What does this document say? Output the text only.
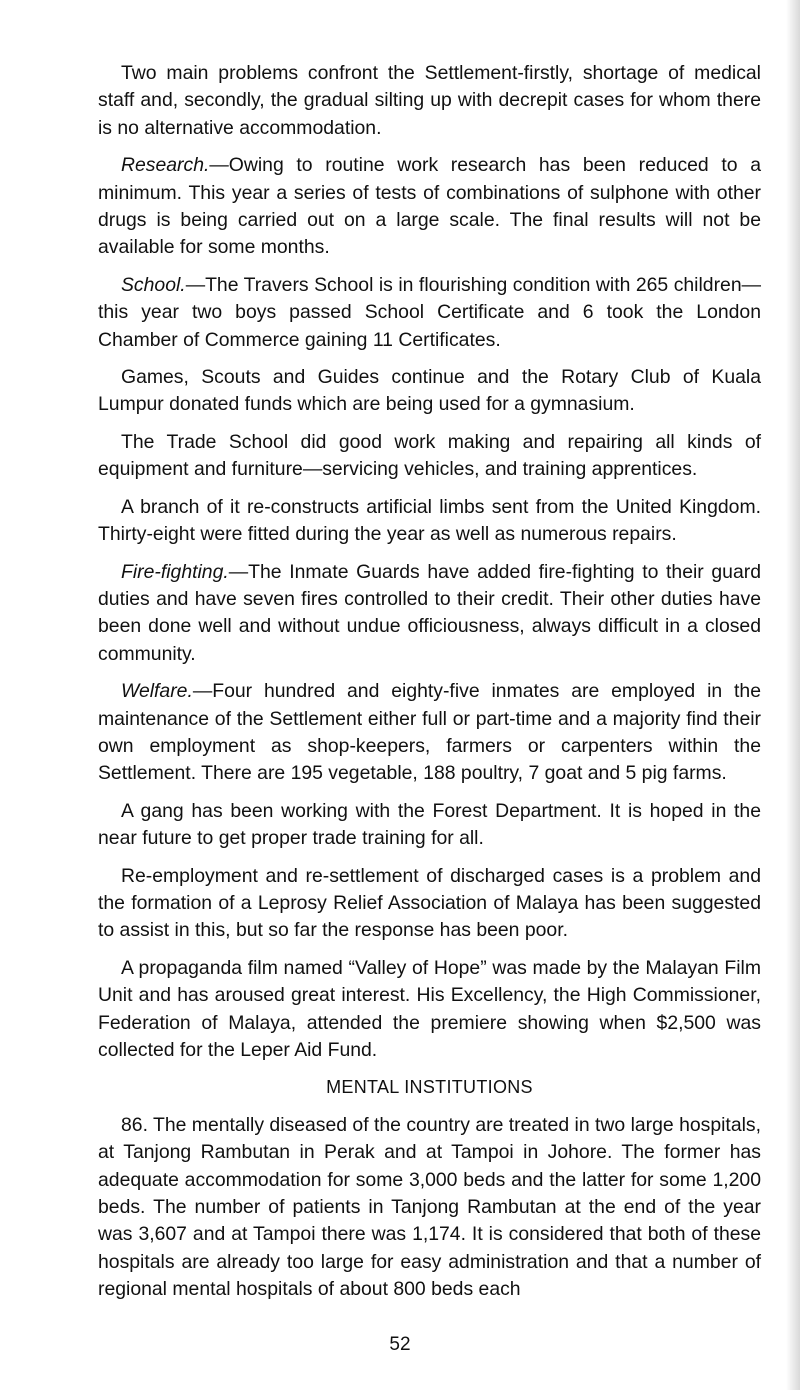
Two main problems confront the Settlement-firstly, shortage of medical staff and, secondly, the gradual silting up with decrepit cases for whom there is no alternative accommodation.

Research.—Owing to routine work research has been reduced to a minimum. This year a series of tests of combinations of sulphone with other drugs is being carried out on a large scale. The final results will not be available for some months.

School.—The Travers School is in flourishing condition with 265 children—this year two boys passed School Certificate and 6 took the London Chamber of Commerce gaining 11 Certificates.

Games, Scouts and Guides continue and the Rotary Club of Kuala Lumpur donated funds which are being used for a gymnasium.

The Trade School did good work making and repairing all kinds of equipment and furniture—servicing vehicles, and training apprentices.

A branch of it re-constructs artificial limbs sent from the United Kingdom. Thirty-eight were fitted during the year as well as numerous repairs.

Fire-fighting.—The Inmate Guards have added fire-fighting to their guard duties and have seven fires controlled to their credit. Their other duties have been done well and without undue officiousness, always difficult in a closed community.

Welfare.—Four hundred and eighty-five inmates are employed in the maintenance of the Settlement either full or part-time and a majority find their own employment as shop-keepers, farmers or carpenters within the Settlement. There are 195 vegetable, 188 poultry, 7 goat and 5 pig farms.

A gang has been working with the Forest Department. It is hoped in the near future to get proper trade training for all.

Re-employment and re-settlement of discharged cases is a problem and the formation of a Leprosy Relief Association of Malaya has been suggested to assist in this, but so far the response has been poor.

A propaganda film named “Valley of Hope” was made by the Malayan Film Unit and has aroused great interest. His Excellency, the High Commissioner, Federation of Malaya, attended the premiere showing when $2,500 was collected for the Leper Aid Fund.

MENTAL INSTITUTIONS

86. The mentally diseased of the country are treated in two large hospitals, at Tanjong Rambutan in Perak and at Tampoi in Johore. The former has adequate accommodation for some 3,000 beds and the latter for some 1,200 beds. The number of patients in Tanjong Rambutan at the end of the year was 3,607 and at Tampoi there was 1,174. It is considered that both of these hospitals are already too large for easy administration and that a number of regional mental hospitals of about 800 beds each

52
